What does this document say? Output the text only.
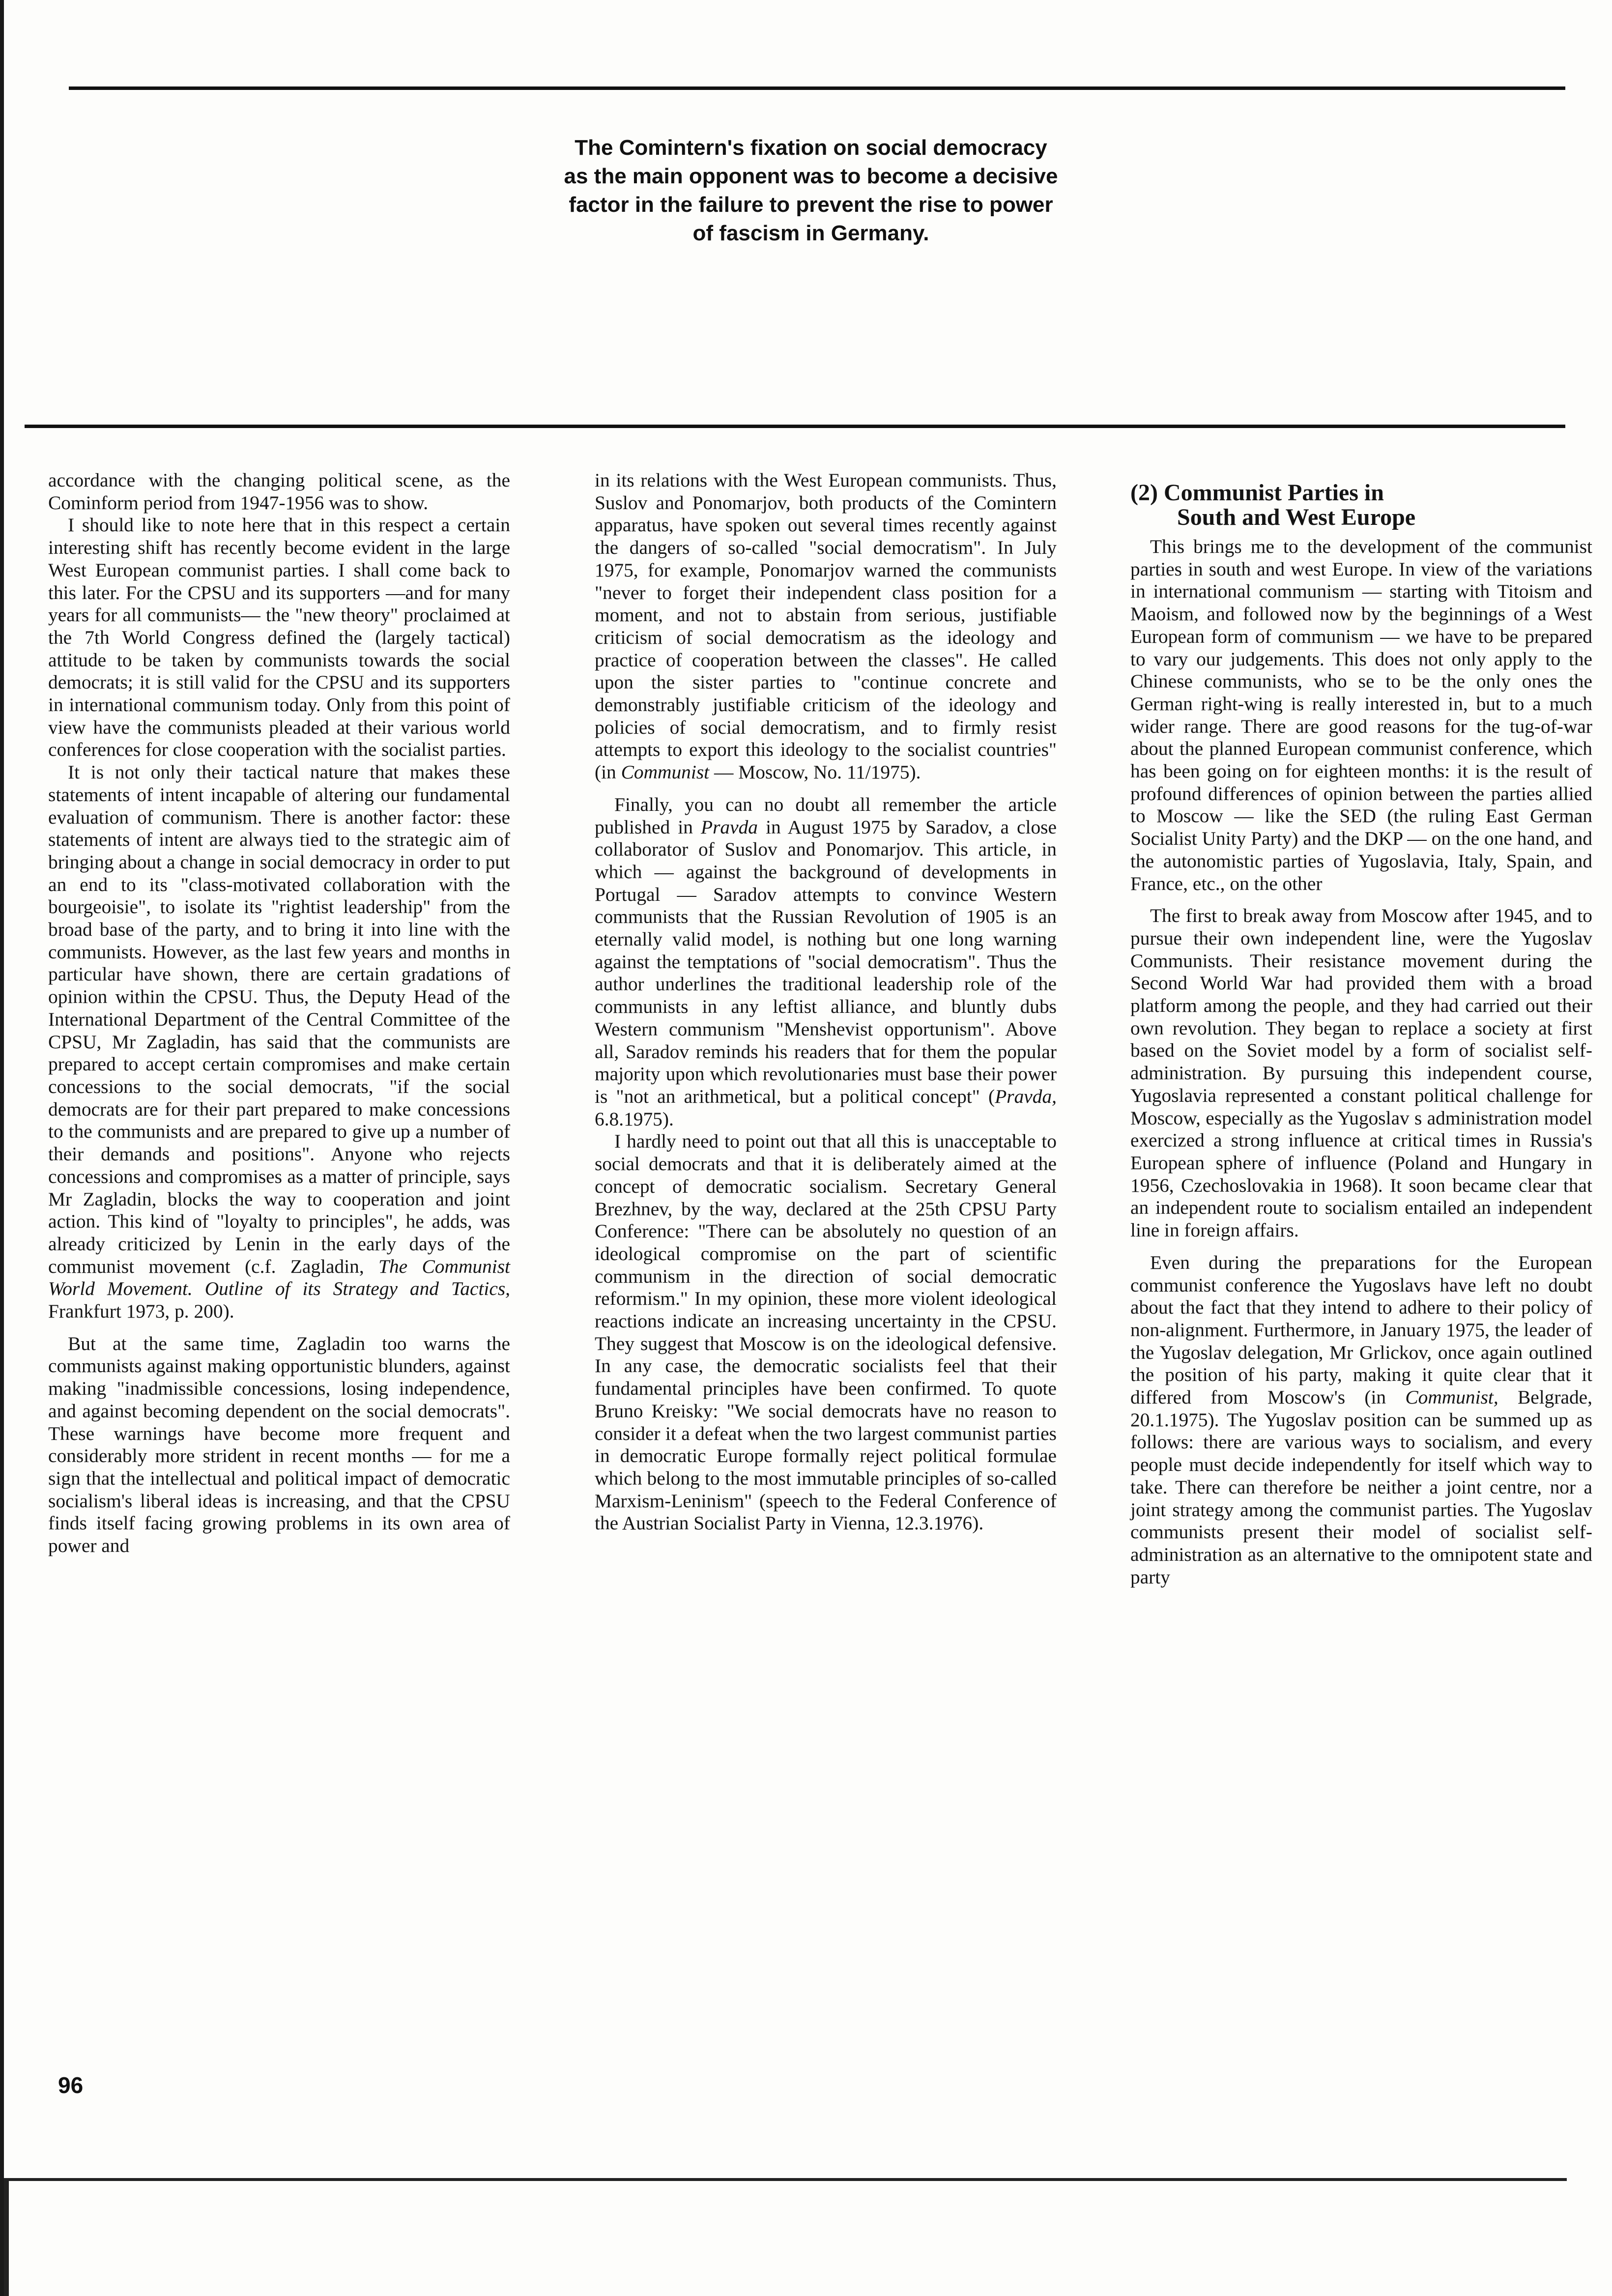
The Comintern's fixation on social democracy as the main opponent was to become a decisive factor in the failure to prevent the rise to power of fascism in Germany.

accordance with the changing political scene, as the Cominform period from 1947-1956 was to show.

I should like to note here that in this respect a certain interesting shift has recently become evident in the large West European communist parties. I shall come back to this later. For the CPSU and its supporters —and for many years for all communists— the "new theory" proclaimed at the 7th World Congress defined the (largely tactical) attitude to be taken by communists towards the social democrats; it is still valid for the CPSU and its supporters in international communism today. Only from this point of view have the communists pleaded at their various world conferences for close cooperation with the socialist parties.

It is not only their tactical nature that makes these statements of intent incapable of altering our fundamental evaluation of communism. There is another factor: these statements of intent are always tied to the strategic aim of bringing about a change in social democracy in order to put an end to its "class-motivated collaboration with the bourgeoisie", to isolate its "rightist leadership" from the broad base of the party, and to bring it into line with the communists. However, as the last few years and months in particular have shown, there are certain gradations of opinion within the CPSU. Thus, the Deputy Head of the International Department of the Central Committee of the CPSU, Mr Zagladin, has said that the communists are prepared to accept certain compromises and make certain concessions to the social democrats, "if the social democrats are for their part prepared to make concessions to the communists and are prepared to give up a number of their demands and positions". Anyone who rejects concessions and compromises as a matter of principle, says Mr Zagladin, blocks the way to cooperation and joint action. This kind of "loyalty to principles", he adds, was already criticized by Lenin in the early days of the communist movement (c.f. Zagladin, The Communist World Movement. Outline of its Strategy and Tactics, Frankfurt 1973, p. 200).

But at the same time, Zagladin too warns the communists against making opportunistic blunders, against making "inadmissible concessions, losing independence, and against becoming dependent on the social democrats". These warnings have become more frequent and considerably more strident in recent months — for me a sign that the intellectual and political impact of democratic socialism's liberal ideas is increasing, and that the CPSU finds itself facing growing problems in its own area of power and

in its relations with the West European communists. Thus, Suslov and Ponomarjov, both products of the Comintern apparatus, have spoken out several times recently against the dangers of so-called "social democratism". In July 1975, for example, Ponomarjov warned the communists "never to forget their independent class position for a moment, and not to abstain from serious, justifiable criticism of social democratism as the ideology and practice of cooperation between the classes". He called upon the sister parties to "continue concrete and demonstrably justifiable criticism of the ideology and policies of social democratism, and to firmly resist attempts to export this ideology to the socialist countries" (in Communist — Moscow, No. 11/1975).

Finally, you can no doubt all remember the article published in Pravda in August 1975 by Saradov, a close collaborator of Suslov and Ponomarjov. This article, in which — against the background of developments in Portugal — Saradov attempts to convince Western communists that the Russian Revolution of 1905 is an eternally valid model, is nothing but one long warning against the temptations of "social democratism". Thus the author underlines the traditional leadership role of the communists in any leftist alliance, and bluntly dubs Western communism "Menshevist opportunism". Above all, Saradov reminds his readers that for them the popular majority upon which revolutionaries must base their power is "not an arithmetical, but a political concept" (Pravda, 6.8.1975).

I hardly need to point out that all this is unacceptable to social democrats and that it is deliberately aimed at the concept of democratic socialism. Secretary General Brezhnev, by the way, declared at the 25th CPSU Party Conference: "There can be absolutely no question of an ideological compromise on the part of scientific communism in the direction of social democratic reformism." In my opinion, these more violent ideological reactions indicate an increasing uncertainty in the CPSU. They suggest that Moscow is on the ideological defensive. In any case, the democratic socialists feel that their fundamental principles have been confirmed. To quote Bruno Kreisky: "We social democrats have no reason to consider it a defeat when the two largest communist parties in democratic Europe formally reject political formulae which belong to the most immutable principles of so-called Marxism-Leninism" (speech to the Federal Conference of the Austrian Socialist Party in Vienna, 12.3.1976).

(2) Communist Parties in
South and West Europe

This brings me to the development of the communist parties in south and west Europe. In view of the variations in international communism — starting with Titoism and Maoism, and followed now by the beginnings of a West European form of communism — we have to be prepared to vary our judgements. This does not only apply to the Chinese communists, who se to be the only ones the German right-wing is really interested in, but to a much wider range. There are good reasons for the tug-of-war about the planned European communist conference, which has been going on for eighteen months: it is the result of profound differences of opinion between the parties allied to Moscow — like the SED (the ruling East German Socialist Unity Party) and the DKP — on the one hand, and the autonomistic parties of Yugoslavia, Italy, Spain, and France, etc., on the other

The first to break away from Moscow after 1945, and to pursue their own independent line, were the Yugoslav Communists. Their resistance movement during the Second World War had provided them with a broad platform among the people, and they had carried out their own revolution. They began to replace a society at first based on the Soviet model by a form of socialist self-administration. By pursuing this independent course, Yugoslavia represented a constant political challenge for Moscow, especially as the Yugoslav s administration model exercized a strong influence at critical times in Russia's European sphere of influence (Poland and Hungary in 1956, Czechoslovakia in 1968). It soon became clear that an independent route to socialism entailed an independent line in foreign affairs.

Even during the preparations for the European communist conference the Yugoslavs have left no doubt about the fact that they intend to adhere to their policy of non-alignment. Furthermore, in January 1975, the leader of the Yugoslav delegation, Mr Grlickov, once again outlined the position of his party, making it quite clear that it differed from Moscow's (in Communist, Belgrade, 20.1.1975). The Yugoslav position can be summed up as follows: there are various ways to socialism, and every people must decide independently for itself which way to take. There can therefore be neither a joint centre, nor a joint strategy among the communist parties. The Yugoslav communists present their model of socialist self-administration as an alternative to the omnipotent state and party

96
